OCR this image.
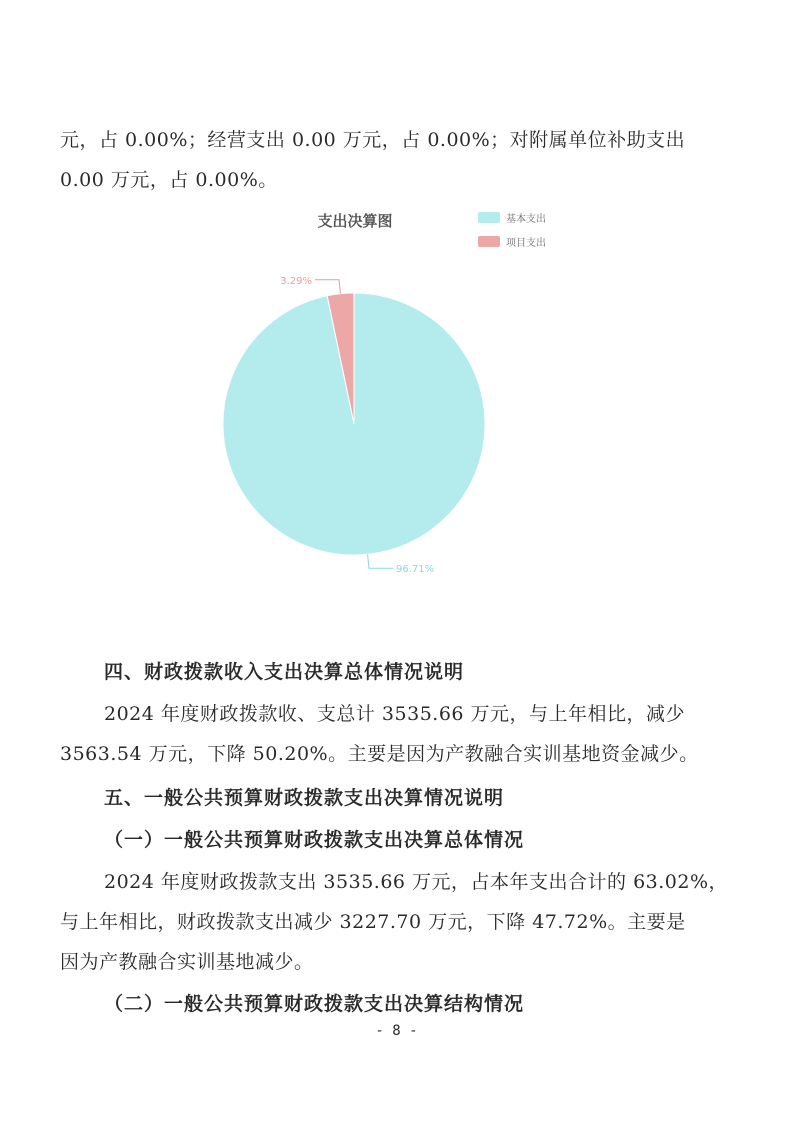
元，占 0.00%；经营支出 0.00 万元，占 0.00%；对附属单位补助支出
0.00 万元，占 0.00%。
支出决算图	基本支出
项目支出
3.29%
96.71%
四、财政拨款收入支出决算总体情况说明
2024 年度财政拨款收、支总计 3535.66 万元，与上年相比，减少
3563.54 万元，下降 50.20%。主要是因为产教融合实训基地资金减少。
五、一般公共预算财政拨款支出决算情况说明
（一）一般公共预算财政拨款支出决算总体情况
2024 年度财政拨款支出 3535.66 万元，占本年支出合计的 63.02%，
与上年相比，财政拨款支出减少 3227.70 万元，下降 47.72%。主要是
因为产教融合实训基地减少。
（二）一般公共预算财政拨款支出决算结构情况
- 8 -
